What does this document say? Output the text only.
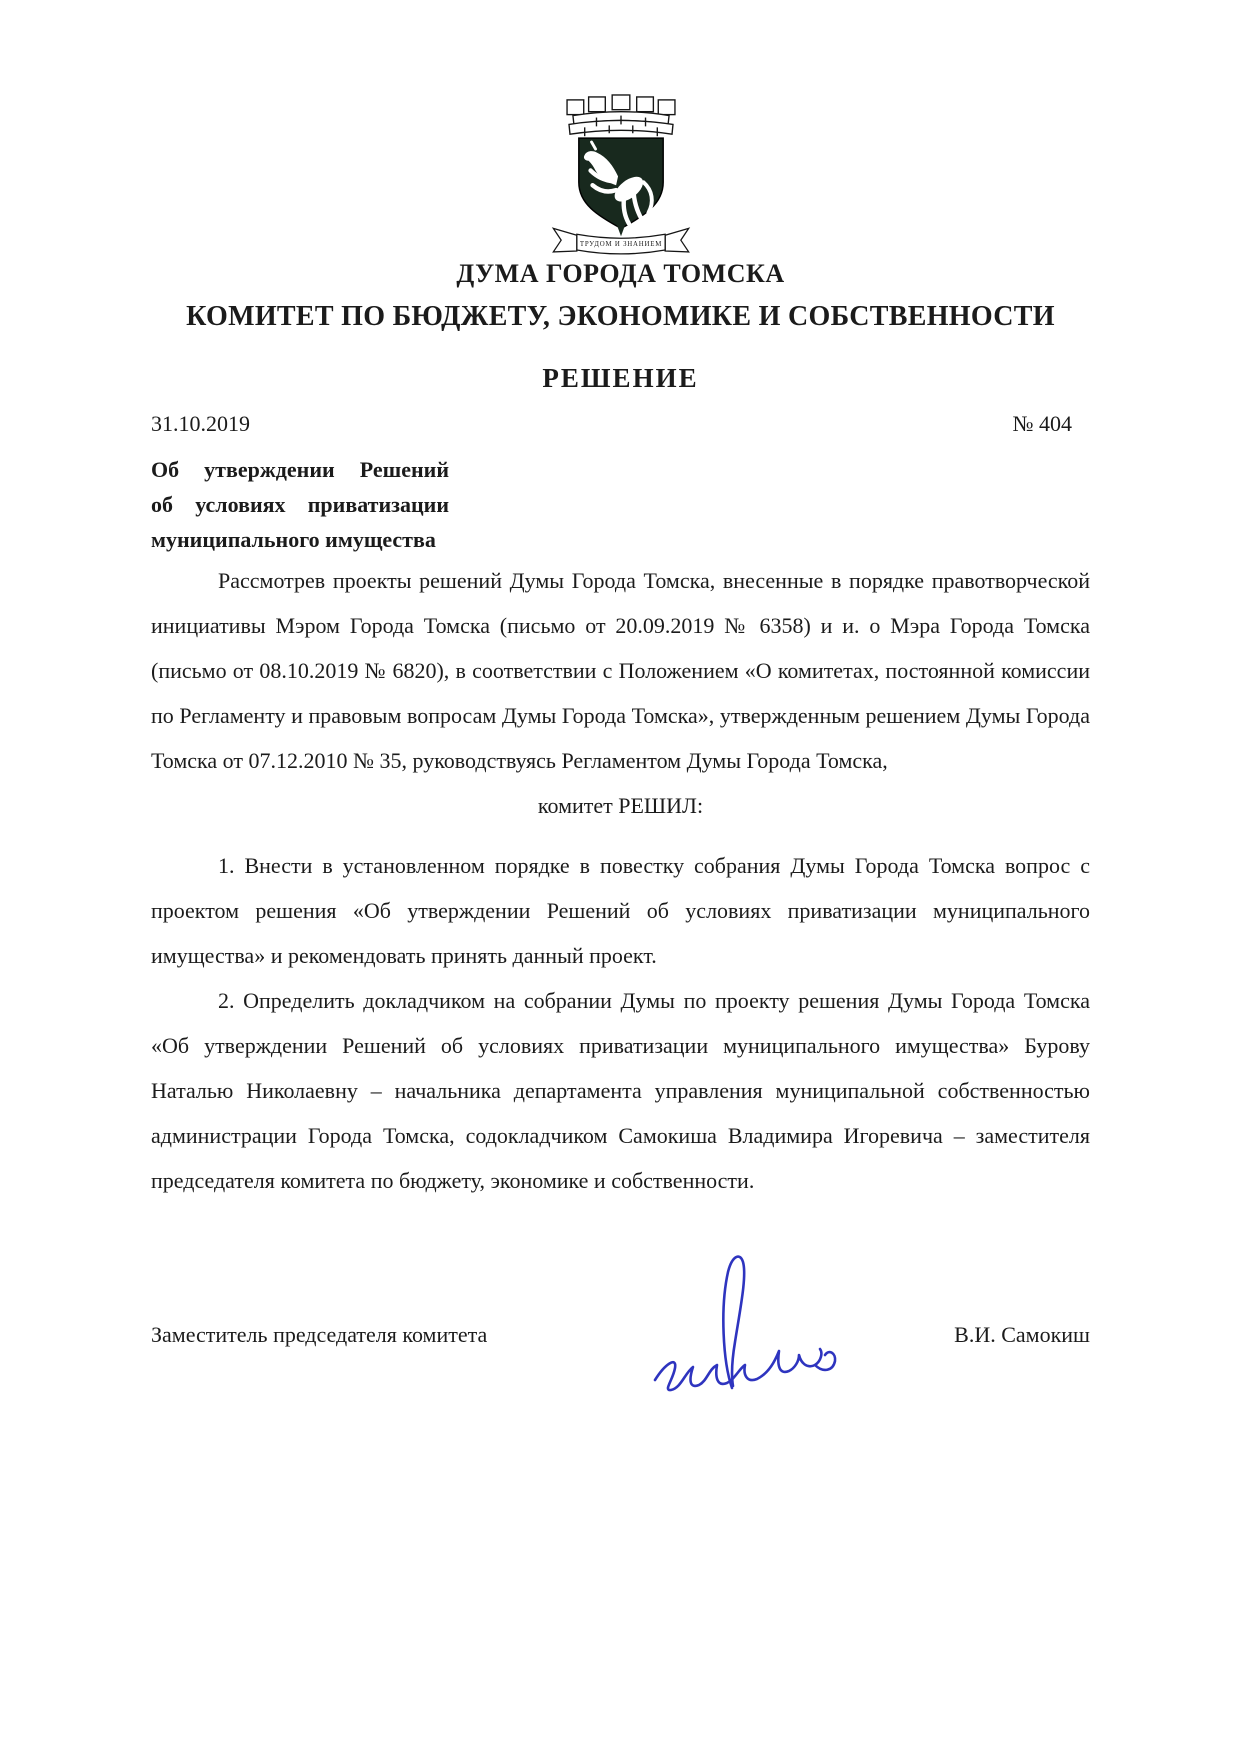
ТРУДОМ И ЗНАНИЕМ
ДУМА ГОРОДА ТОМСКА
КОМИТЕТ ПО БЮДЖЕТУ, ЭКОНОМИКЕ И СОБСТВЕННОСТИ
РЕШЕНИЕ
31.10.2019	№ 404
Об утверждении Решений
об условиях приватизации
муниципального имущества

Рассмотрев проекты решений Думы Города Томска, внесенные в порядке правотворческой инициативы Мэром Города Томска (письмо от 20.09.2019 № 6358) и и. о Мэра Города Томска (письмо от 08.10.2019 № 6820), в соответствии с Положением «О комитетах, постоянной комиссии по Регламенту и правовым вопросам Думы Города Томска», утвержденным решением Думы Города Томска от 07.12.2010 № 35, руководствуясь Регламентом Думы Города Томска,

комитет РЕШИЛ:

1. Внести в установленном порядке в повестку собрания Думы Города Томска вопрос с проектом решения «Об утверждении Решений об условиях приватизации муниципального имущества» и рекомендовать принять данный проект.

2. Определить докладчиком на собрании Думы по проекту решения Думы Города Томска «Об утверждении Решений об условиях приватизации муниципального имущества» Бурову Наталью Николаевну – начальника департамента управления муниципальной собственностью администрации Города Томска, содокладчиком Самокиша Владимира Игоревича – заместителя председателя комитета по бюджету, экономике и собственности.

Заместитель председателя комитета	В.И. Самокиш
